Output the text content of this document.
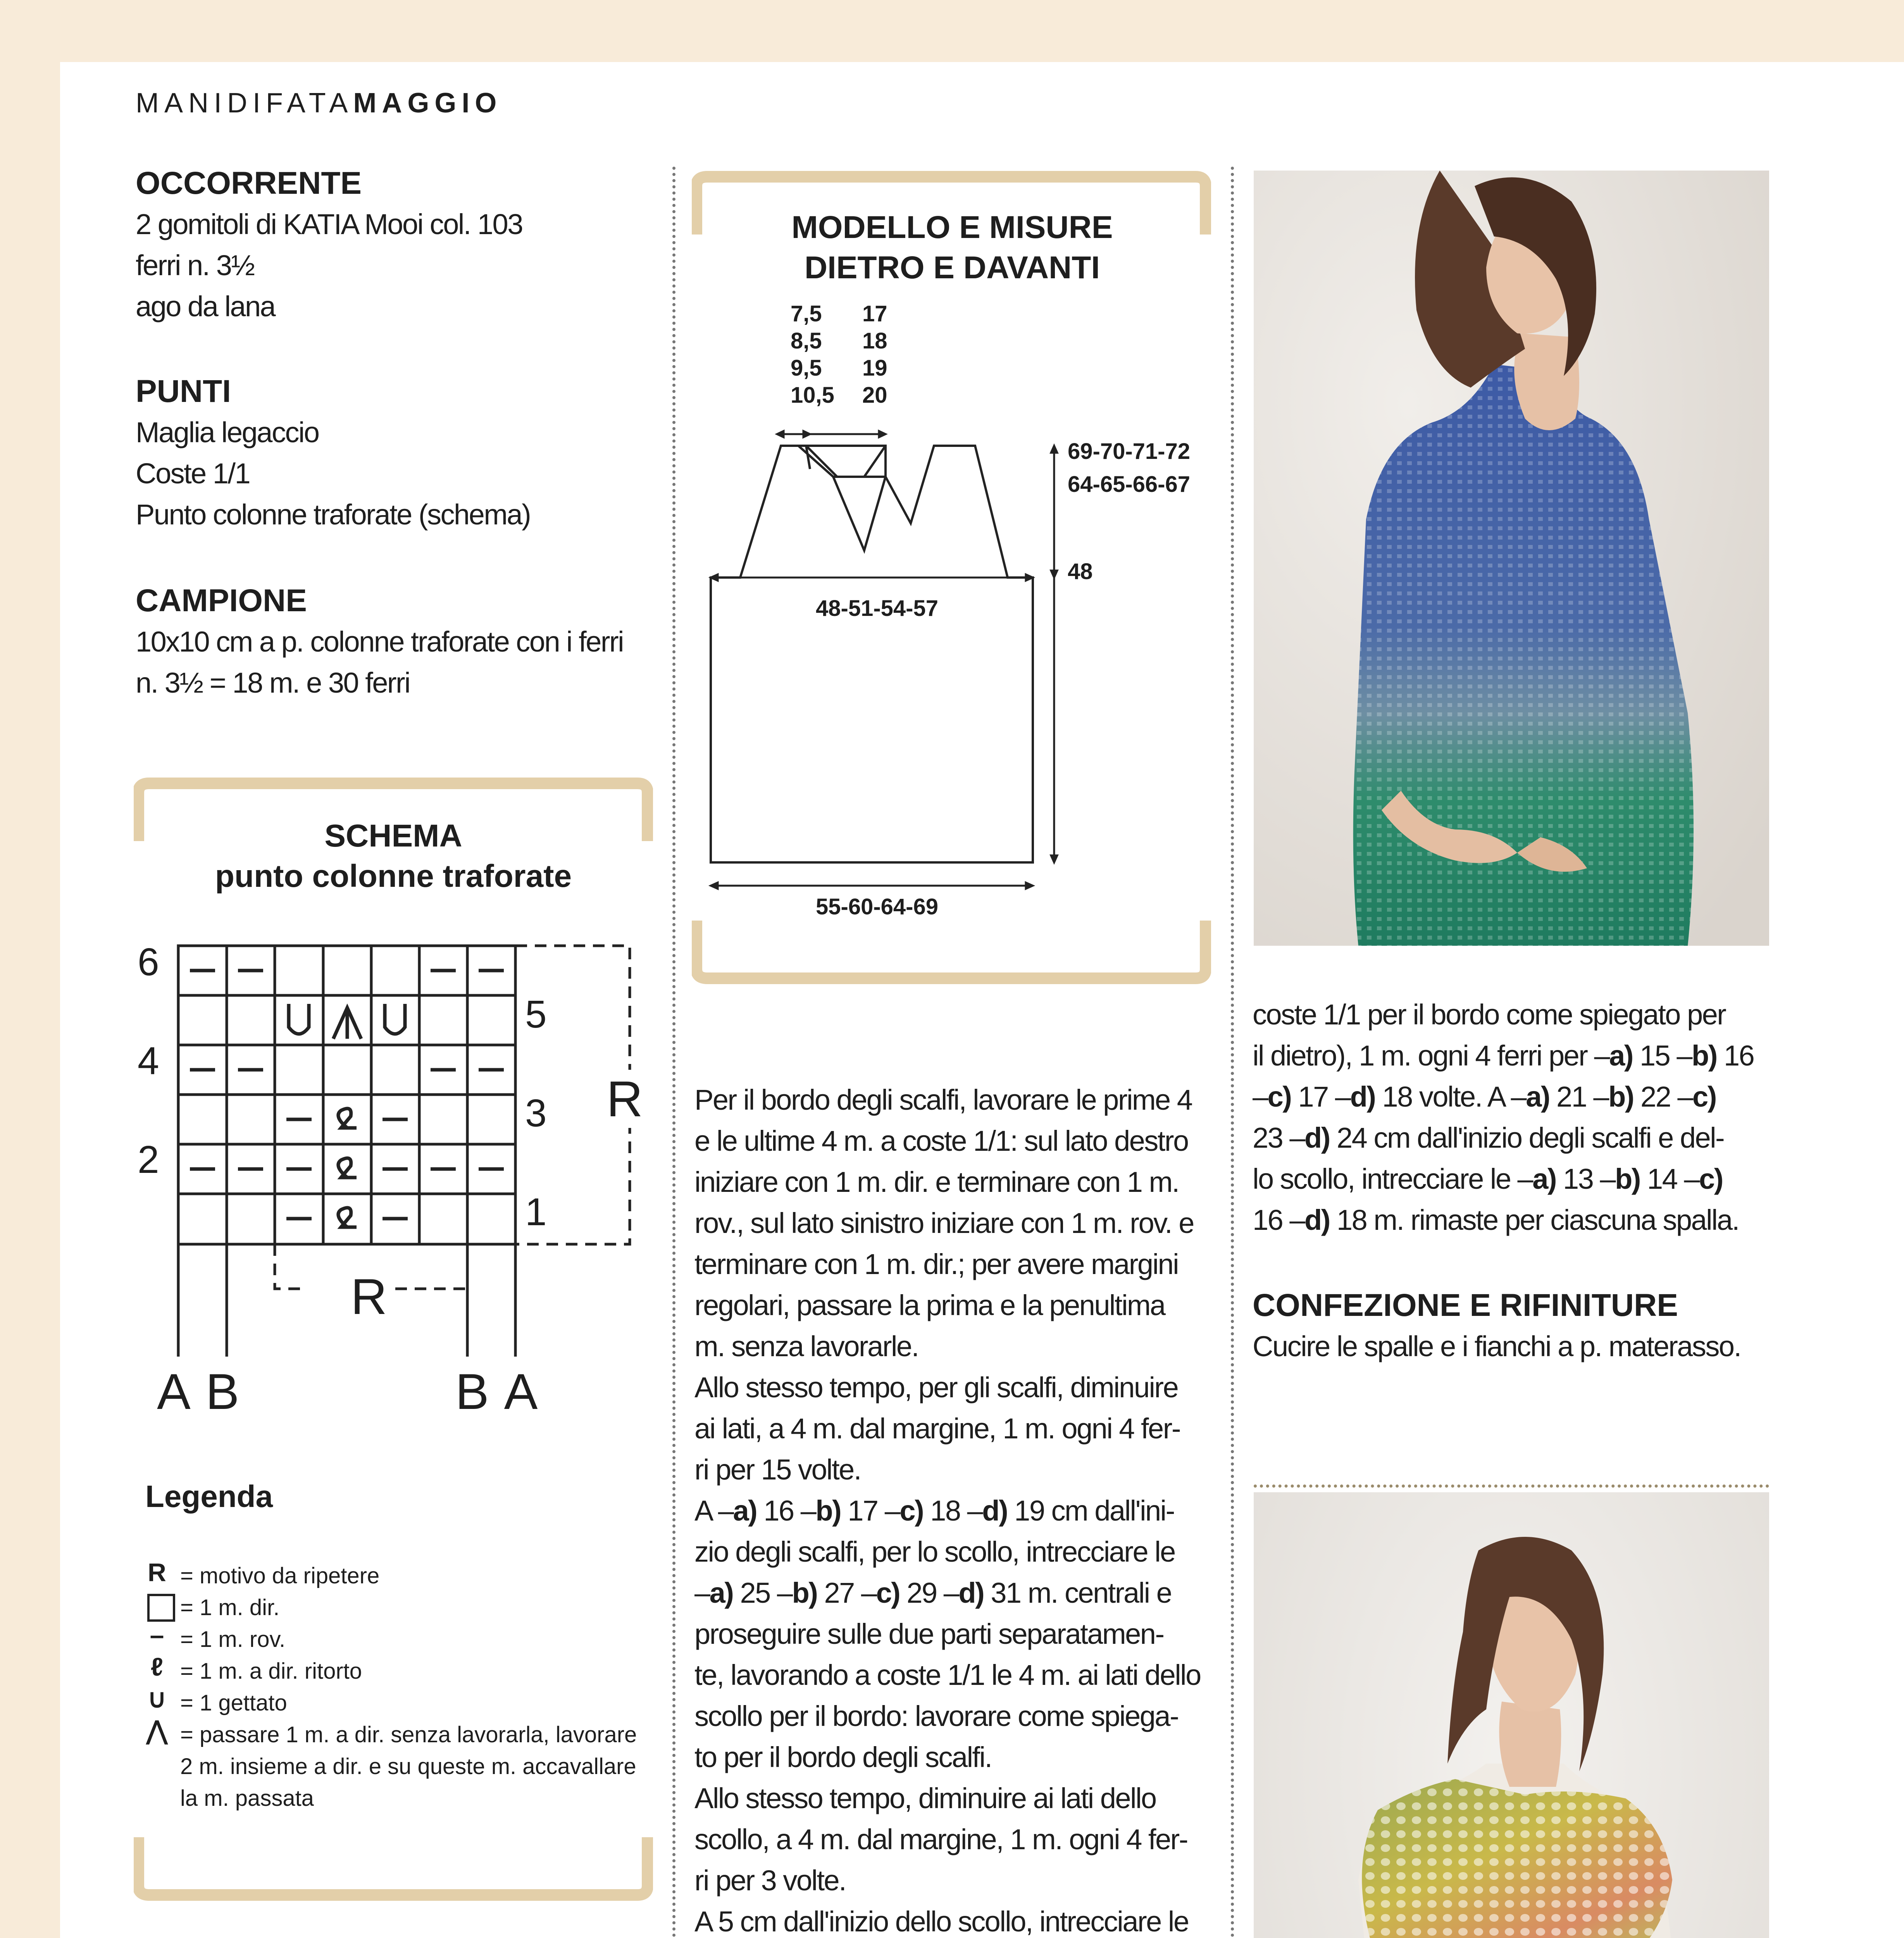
MANIDIFATAMAGGIO
OCCORRENTE
2 gomitoli di KATIA Mooi col. 103
ferri n. 3½
ago da lana
PUNTI
Maglia legaccio
Coste 1/1
Punto colonne traforate (schema)
CAMPIONE
10x10 cm a p. colonne traforate con i ferri
n. 3½ = 18 m. e 30 ferri
SCHEMA
punto colonne traforate
6
4
2
5
3
1
R
R
A B	B A
Legenda
R = motivo da ripetere
= 1 m. dir.
– = 1 m. rov.
ℓ = 1 m. a dir. ritorto
∪ = 1 gettato
⋀ = passare 1 m. a dir. senza lavorarla, lavorare
2 m. insieme a dir. e su queste m. accavallare
la m. passata
MODELLO E MISURE
DIETRO E DAVANTI
7,5
8,5
9,5
10,5
17
18
19
20
69-70-71-72
64-65-66-67
48
48-51-54-57
55-60-64-69
Per il bordo degli scalfi, lavorare le prime 4
e le ultime 4 m. a coste 1/1: sul lato destro
iniziare con 1 m. dir. e terminare con 1 m.
rov., sul lato sinistro iniziare con 1 m. rov. e
terminare con 1 m. dir.; per avere margini
regolari, passare la prima e la penultima
m. senza lavorarle.
Allo stesso tempo, per gli scalfi, diminuire
ai lati, a 4 m. dal margine, 1 m. ogni 4 fer-
ri per 15 volte.
A –a) 16 –b) 17 –c) 18 –d) 19 cm dall'ini-
zio degli scalfi, per lo scollo, intrecciare le
–a) 25 –b) 27 –c) 29 –d) 31 m. centrali e
proseguire sulle due parti separatamen-
te, lavorando a coste 1/1 le 4 m. ai lati dello
scollo per il bordo: lavorare come spiega-
to per il bordo degli scalfi.
Allo stesso tempo, diminuire ai lati dello
scollo, a 4 m. dal margine, 1 m. ogni 4 fer-
ri per 3 volte.
A 5 cm dall'inizio dello scollo, intrecciare le
coste 1/1 per il bordo come spiegato per
il dietro), 1 m. ogni 4 ferri per –a) 15 –b) 16
–c) 17 –d) 18 volte. A –a) 21 –b) 22 –c)
23 –d) 24 cm dall'inizio degli scalfi e del-
lo scollo, intrecciare le –a) 13 –b) 14 –c)
16 –d) 18 m. rimaste per ciascuna spalla.
CONFEZIONE E RIFINITURE
Cucire le spalle e i fianchi a p. materasso.
